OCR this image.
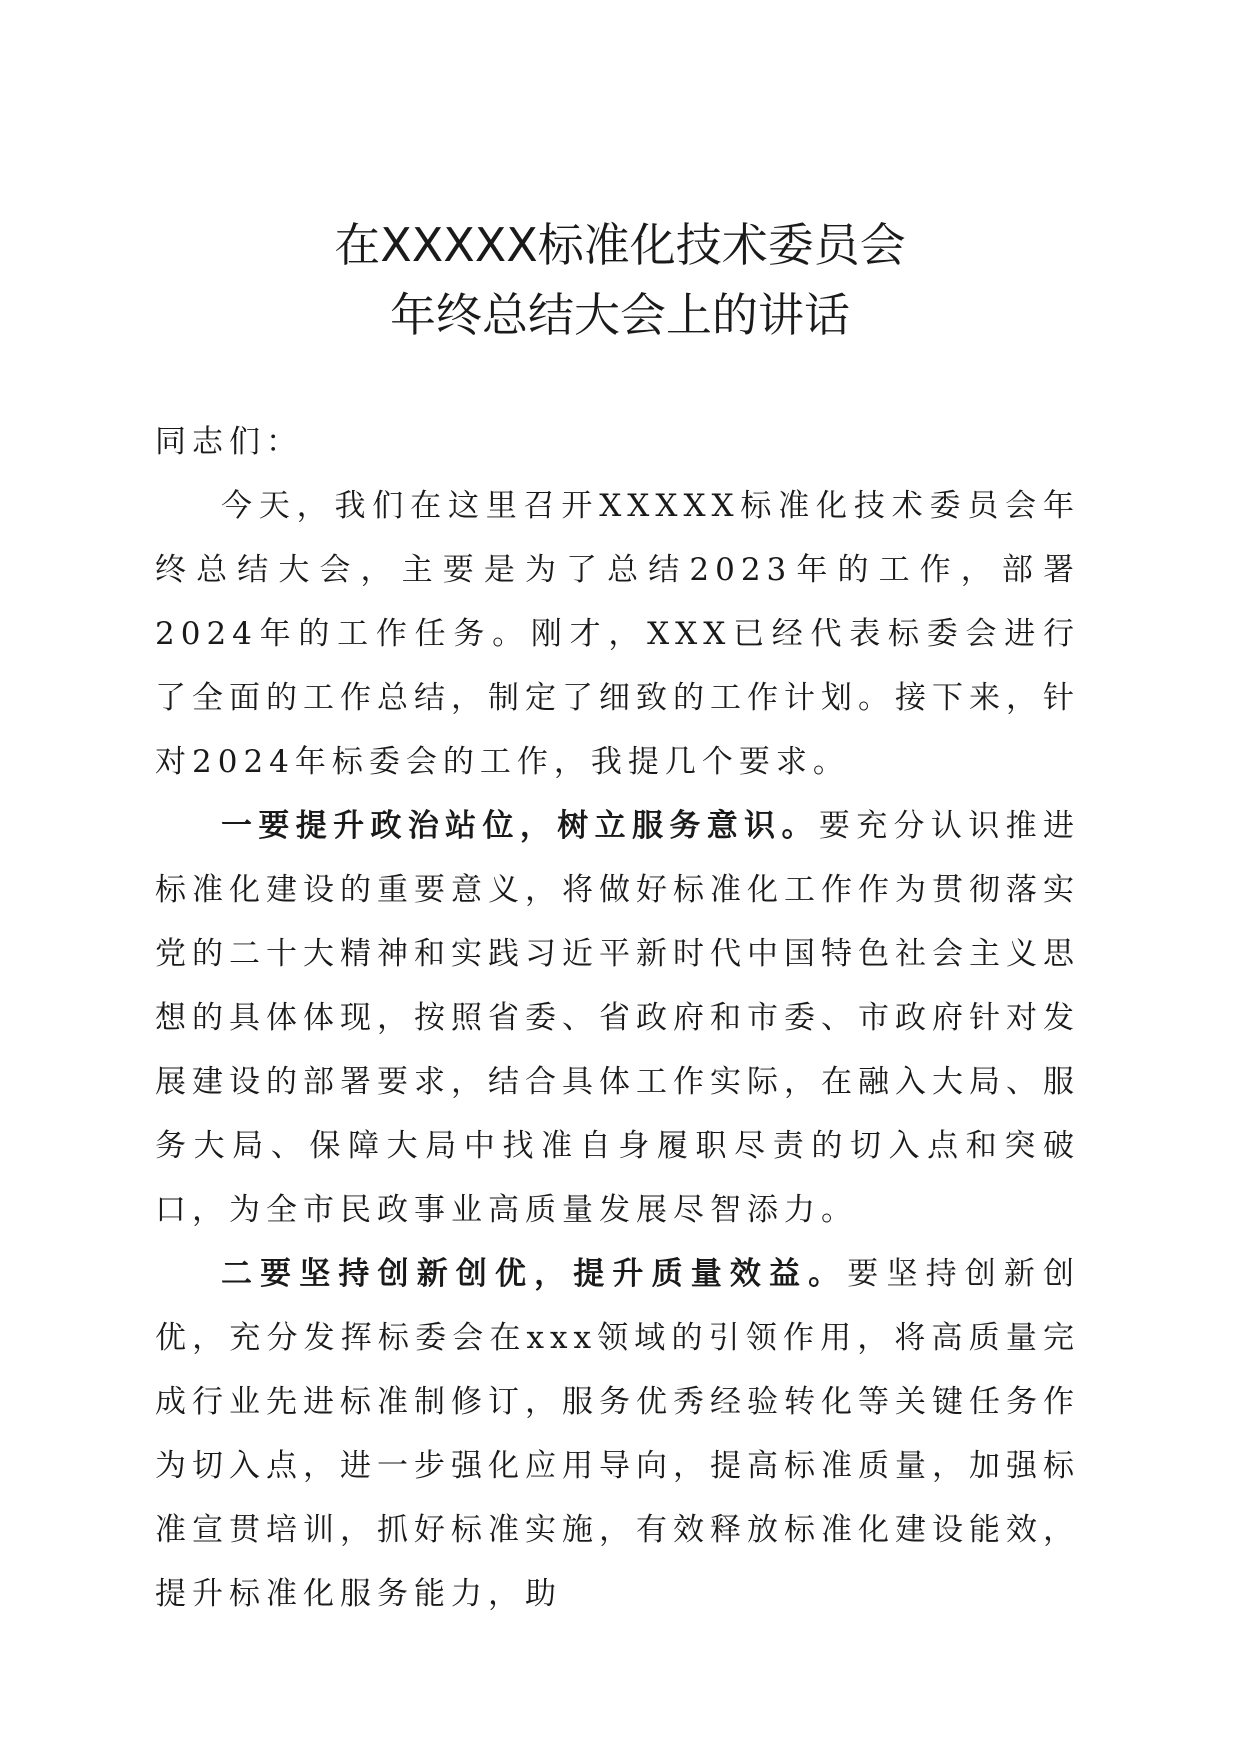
在XXXXX标准化技术委员会
年终总结大会上的讲话

同志们：

今天，我们在这里召开XXXXX标准化技术委员会年终总结大会，主要是为了总结2023年的工作，部署2024年的工作任务。刚才，XXX已经代表标委会进行了全面的工作总结，制定了细致的工作计划。接下来，针对2024年标委会的工作，我提几个要求。

一要提升政治站位，树立服务意识。要充分认识推进标准化建设的重要意义，将做好标准化工作作为贯彻落实党的二十大精神和实践习近平新时代中国特色社会主义思想的具体体现，按照省委、省政府和市委、市政府针对发展建设的部署要求，结合具体工作实际，在融入大局、服务大局、保障大局中找准自身履职尽责的切入点和突破口，为全市民政事业高质量发展尽智添力。

二要坚持创新创优，提升质量效益。要坚持创新创优，充分发挥标委会在xxx领域的引领作用，将高质量完成行业先进标准制修订，服务优秀经验转化等关键任务作为切入点，进一步强化应用导向，提高标准质量，加强标准宣贯培训，抓好标准实施，有效释放标准化建设能效，提升标准化服务能力，助
